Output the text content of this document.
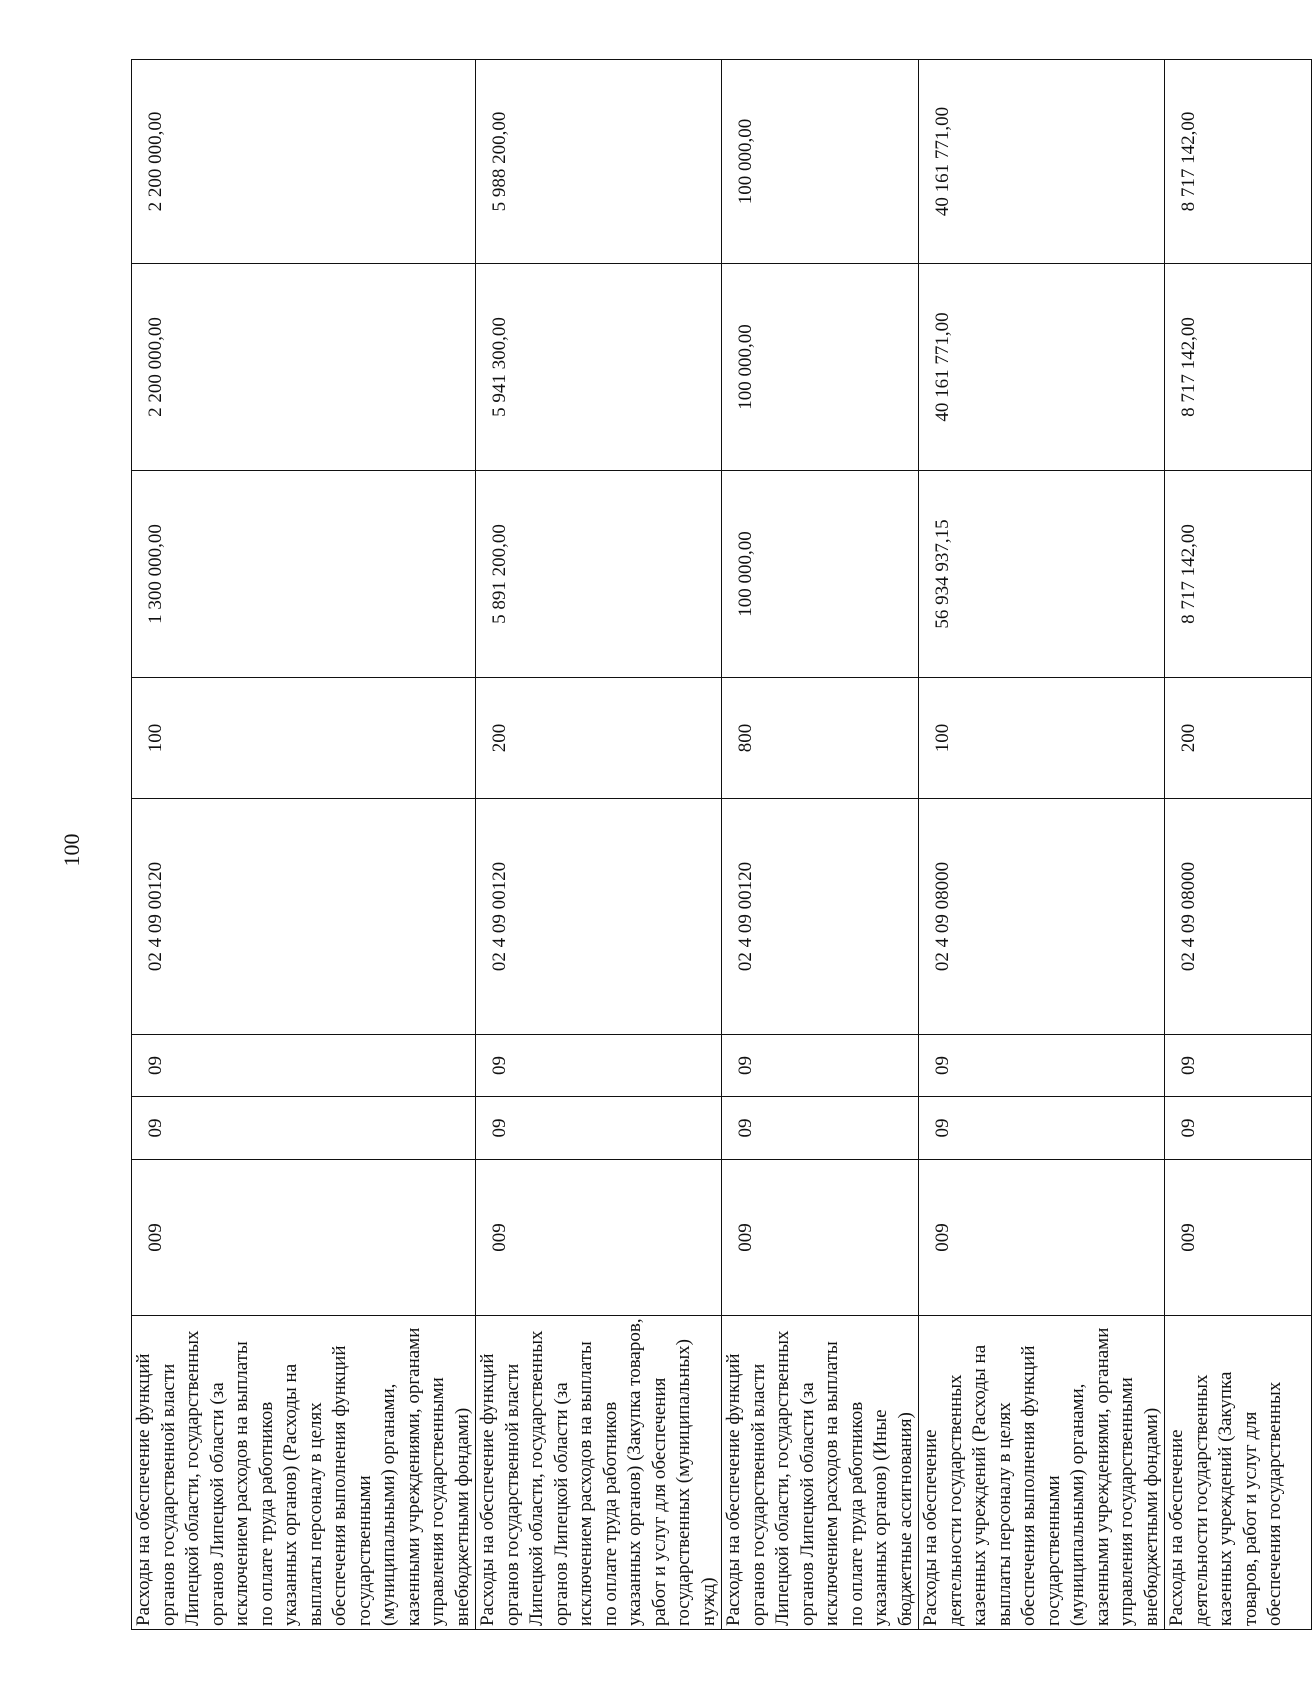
100
Расходы на обеспечение функций органов государственной власти Липецкой области, государственных органов Липецкой области (за исключением расходов на выплаты по оплате труда работников указанных органов) (Расходы на выплаты персоналу в целях обеспечения выполнения функций государственными (муниципальными) органами, казенными учреждениями, органами управления государственными внебюджетными фондами)	009	09	09	02 4 09 00120	100	1 300 000,00	2 200 000,00	2 200 000,00
Расходы на обеспечение функций органов государственной власти Липецкой области, государственных органов Липецкой области (за исключением расходов на выплаты по оплате труда работников указанных органов) (Закупка товаров, работ и услуг для обеспечения государственных (муниципальных) нужд)	009	09	09	02 4 09 00120	200	5 891 200,00	5 941 300,00	5 988 200,00
Расходы на обеспечение функций органов государственной власти Липецкой области, государственных органов Липецкой области (за исключением расходов на выплаты по оплате труда работников указанных органов) (Иные бюджетные ассигнования)	009	09	09	02 4 09 00120	800	100 000,00	100 000,00	100 000,00
Расходы на обеспечение деятельности государственных казенных учреждений (Расходы на выплаты персоналу в целях обеспечения выполнения функций государственными (муниципальными) органами, казенными учреждениями, органами управления государственными внебюджетными фондами)	009	09	09	02 4 09 08000	100	56 934 937,15	40 161 771,00	40 161 771,00
Расходы на обеспечение деятельности государственных казенных учреждений (Закупка товаров, работ и услуг для обеспечения государственных	009	09	09	02 4 09 08000	200	8 717 142,00	8 717 142,00	8 717 142,00
